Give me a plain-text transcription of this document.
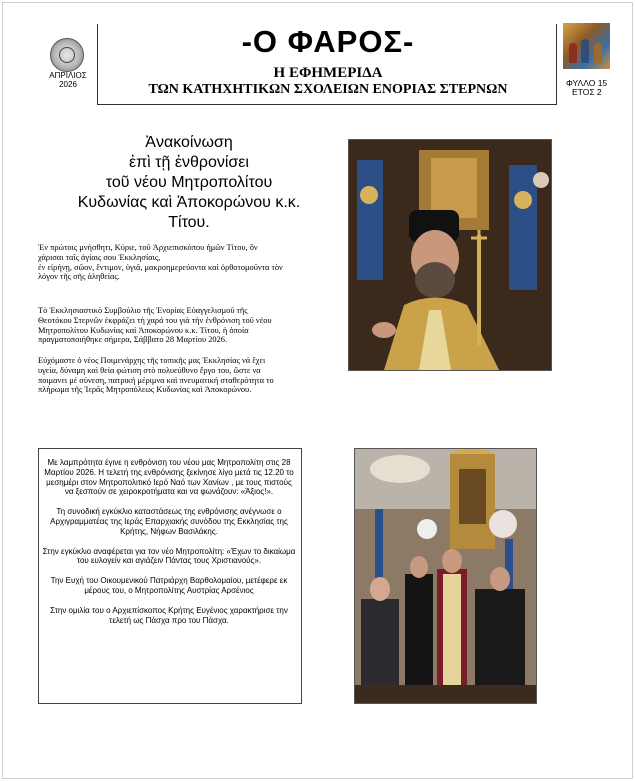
ΑΠΡΙΛΙΟΣ
2026
-Ο ΦΑΡΟΣ-
Η ΕΦΗΜΕΡΙΔΑ
ΤΩΝ ΚΑΤΗΧΗΤΙΚΩΝ ΣΧΟΛΕΙΩΝ ΕΝΟΡΙΑΣ ΣΤΕΡΝΩΝ	ΦΥΛΛΟ 15
ΕΤΟΣ 2
Ἀνακοίνωση
ἐπὶ τῇ ἐνθρονίσει
τοῦ νέου Μητροπολίτου
Κυδωνίας καὶ Ἀποκορώνου κ.κ.
Τίτου.
Ἐν πρώτοις μνήσθητι, Κύριε, τοῦ Ἀρχιεπισκόπου ἡμῶν Τίτου, ὃν
χάρισαι ταῖς ἁγίαις σου Ἐκκλησίαις,
ἐν εἰρήνῃ, σῶον, ἔντιμον, ὑγιᾶ, μακροημερεύοντα καὶ ὀρθοτομοῦντα τὸν
λόγον τῆς σῆς ἀληθείας.
Τὸ Ἐκκλησιαστικὸ Συμβούλιο τῆς Ἐνορίας Εὐαγγελισμοῦ τῆς
Θεοτόκου Στερνῶν ἐκφράζει τὴ χαρά του γιὰ τὴν ἐνθρόνιση τοῦ νέου
Μητροπολίτου Κυδωνίας καὶ Ἀποκορώνου κ.κ. Τίτου, ἡ ὁποία
πραγματοποιήθηκε σήμερα, Σάββατο 28 Μαρτίου 2026.
Εὐχόμαστε ὁ νέος Ποιμενάρχης τῆς τοπικῆς μας Ἐκκλησίας νά ἔχει
υγεία, δύναμη καὶ θεία φώτιση στὸ πολυεύθυνο ἔργο του, ὥστε να
ποιμανει μέ σύνεση, πατρική μέριμνα καὶ πνευματική σταθερότητα το
πλήρωμα τῆς Ἱερᾶς Μητροπόλεως Κυδωνίας καὶ Ἀποκορώνου.

Με λαμπρότητα έγινε η ενθρόνιση του νέου μας Μητροπολίτη στις 28 Μαρτίου 2026. Η τελετή της ενθρόνισης ξεκίνησε λίγο μετά τις 12.20 το μεσημέρι στον Μητροπολιτικό Ιερό Ναό των Χανίων , με τους πιστούς να ξεσπούν σε χειροκροτήματα και να φωνάζουν: «Άξιος!».

Τη συνοδική εγκύκλιο καταστάσεως της ενθρόνισης ανέγνωσε ο Αρχιγραμματέας της Ιεράς Επαρχιακής συνόδου της Εκκλησίας της Κρήτης, Νήφων Βασιλάκης.

Στην εγκύκλιο αναφέρεται για τον νέο Μητροπολίτη: «Έχων το δικαίωμα του ευλογείν και αγιάζειν Πάντας τους Χριστιανούς».

Την Ευχή του Οικουμενικού Πατριάρχη Βαρθολομαίου, μετέφερε εκ μέρους του, ο Μητροπολίτης Αυστρίας Αρσένιος

Στην ομιλία του ο Αρχιεπίσκοπος Κρήτης Ευγένιος χαρακτήρισε την τελετή ως Πάσχα προ του Πάσχα.
